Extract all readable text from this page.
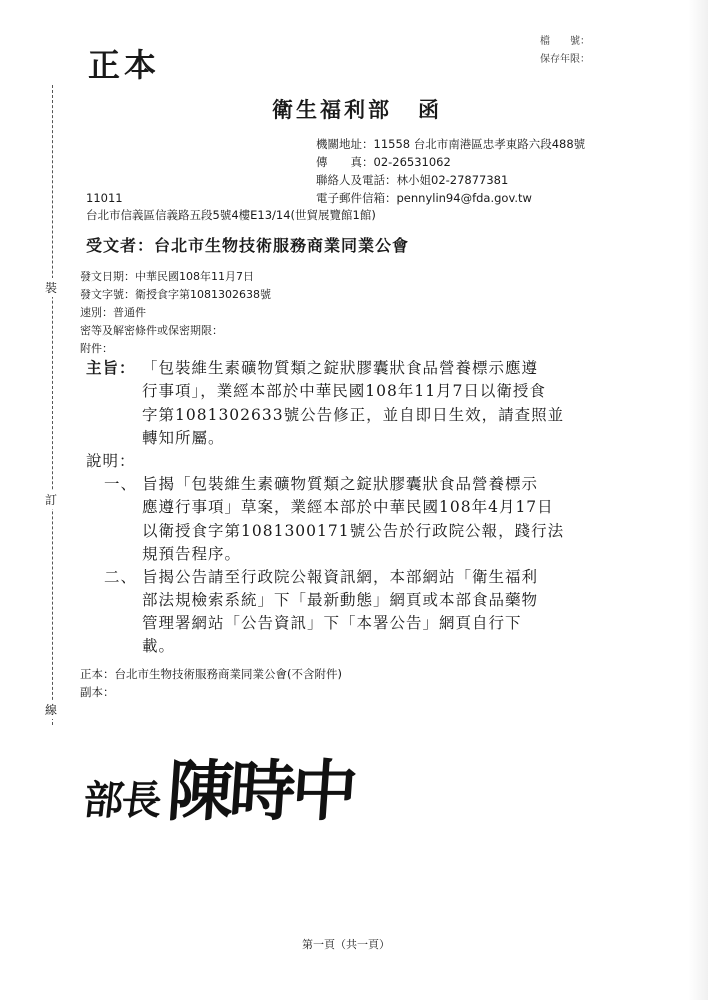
裝
訂
線
正本
檔　　號：
保存年限：
衛生福利部 函
機關地址：11558 台北市南港區忠孝東路六段488號
傳　　真：02-26531062
聯絡人及電話：林小姐02-27877381
電子郵件信箱：pennylin94@fda.gov.tw
11011
台北市信義區信義路五段5號4樓E13/14(世貿展覽館1館)
受文者：台北市生物技術服務商業同業公會
發文日期：中華民國108年11月7日
發文字號：衛授食字第1081302638號
速別：普通件
密等及解密條件或保密期限：
附件：
主旨： 「包裝維生素礦物質類之錠狀膠囊狀食品營養標示應遵
行事項」，業經本部於中華民國108年11月7日以衛授食
字第1081302633號公告修正，並自即日生效，請查照並
轉知所屬。
說明：
一、 旨揭「包裝維生素礦物質類之錠狀膠囊狀食品營養標示
應遵行事項」草案，業經本部於中華民國108年4月17日
以衛授食字第1081300171號公告於行政院公報，踐行法
規預告程序。
二、 旨揭公告請至行政院公報資訊網，本部網站「衛生福利
部法規檢索系統」下「最新動態」網頁或本部食品藥物
管理署網站「公告資訊」下「本署公告」網頁自行下
載。
正本：台北市生物技術服務商業同業公會(不含附件)
副本：
部長陳時中
第一頁（共一頁）
